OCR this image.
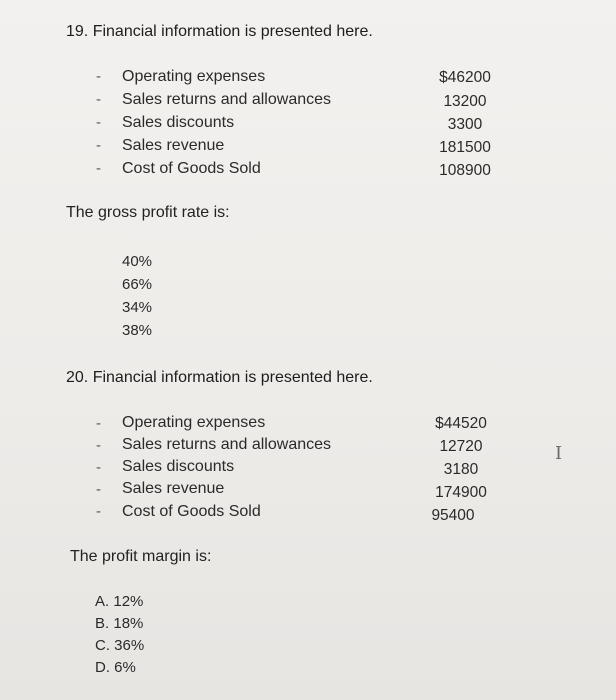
19. Financial information is presented here.
- Operating expenses	$46200
- Sales returns and allowances	13200
- Sales discounts	3300
- Sales revenue	181500
- Cost of Goods Sold	108900
The gross profit rate is:
40%
66%
34%
38%
20. Financial information is presented here.
- Operating expenses	$44520
- Sales returns and allowances	12720
- Sales discounts	3180
- Sales revenue	174900
- Cost of Goods Sold	95400
The profit margin is:
A. 12%
B. 18%
C. 36%
D. 6%
I
